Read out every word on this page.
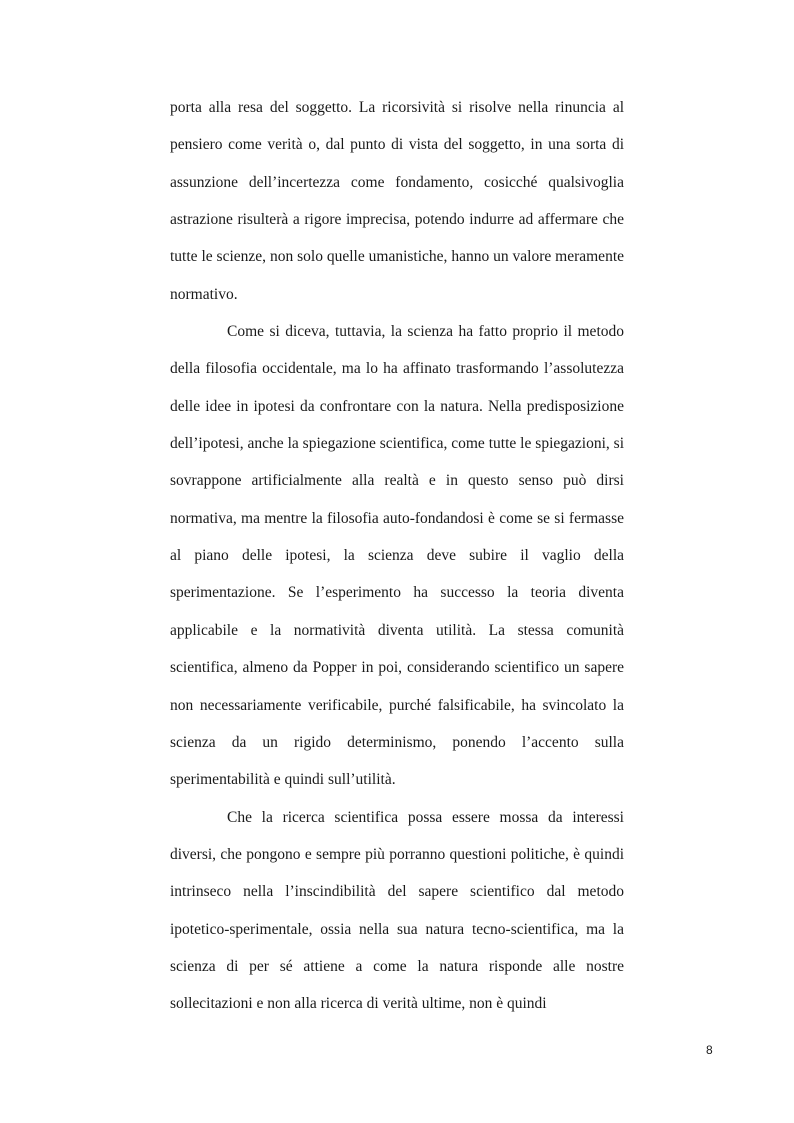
porta alla resa del soggetto. La ricorsività si risolve nella rinuncia al pensiero come verità o, dal punto di vista del soggetto, in una sorta di assunzione dell’incertezza come fondamento, cosicché qualsivoglia astrazione risulterà a rigore imprecisa, potendo indurre ad affermare che tutte le scienze, non solo quelle umanistiche, hanno un valore meramente normativo.

Come si diceva, tuttavia, la scienza ha fatto proprio il metodo della filosofia occidentale, ma lo ha affinato trasformando l’assolutezza delle idee in ipotesi da confrontare con la natura. Nella predisposizione dell’ipotesi, anche la spiegazione scientifica, come tutte le spiegazioni, si sovrappone artificialmente alla realtà e in questo senso può dirsi normativa, ma mentre la filosofia auto-fondandosi è come se si fermasse al piano delle ipotesi, la scienza deve subire il vaglio della sperimentazione. Se l’esperimento ha successo la teoria diventa applicabile e la normatività diventa utilità. La stessa comunità scientifica, almeno da Popper in poi, considerando scientifico un sapere non necessariamente verificabile, purché falsificabile, ha svincolato la scienza da un rigido determinismo, ponendo l’accento sulla sperimentabilità e quindi sull’utilità.

Che la ricerca scientifica possa essere mossa da interessi diversi, che pongono e sempre più porranno questioni politiche, è quindi intrinseco nella l’inscindibilità del sapere scientifico dal metodo ipotetico-sperimentale, ossia nella sua natura tecno-scientifica, ma la scienza di per sé attiene a come la natura risponde alle nostre sollecitazioni e non alla ricerca di verità ultime, non è quindi

8
